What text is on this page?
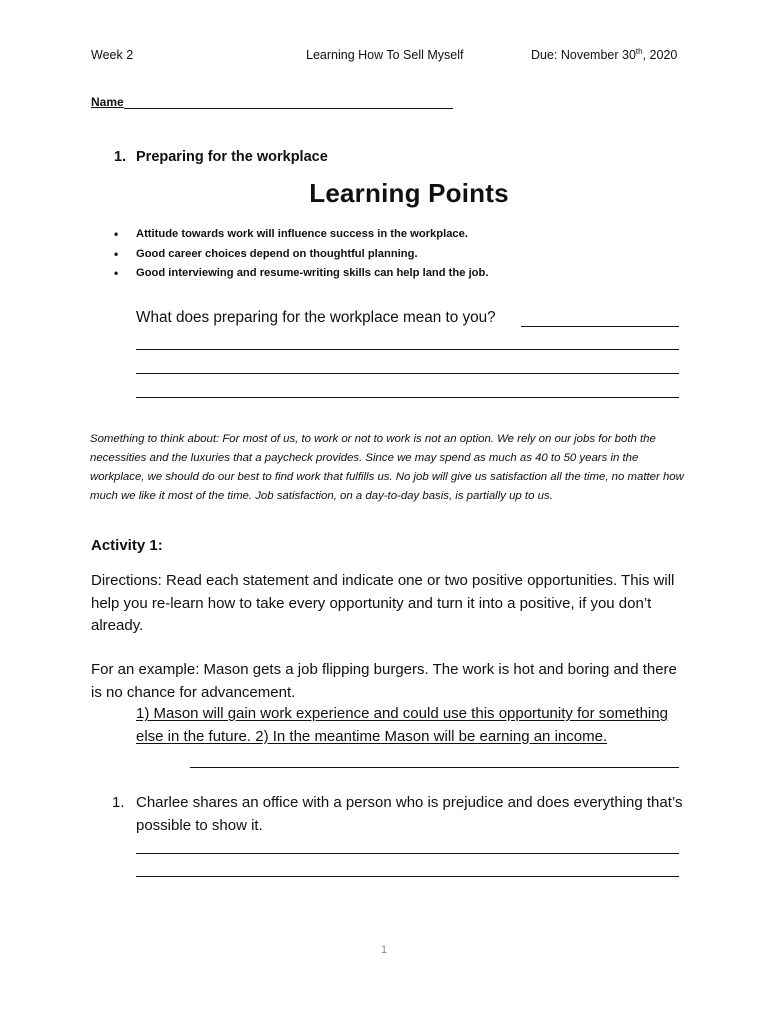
Week 2	Learning How To Sell Myself	Due: November 30th, 2020
Name
1. Preparing for the workplace
Learning Points
• Attitude towards work will influence success in the workplace.
• Good career choices depend on thoughtful planning.
• Good interviewing and resume-writing skills can help land the job.
What does preparing for the workplace mean to you?
Something to think about: For most of us, to work or not to work is not an option. We rely on our jobs for both the necessities and the luxuries that a paycheck provides. Since we may spend as much as 40 to 50 years in the workplace, we should do our best to find work that fulfills us. No job will give us satisfaction all the time, no matter how much we like it most of the time. Job satisfaction, on a day-to-day basis, is partially up to us.
Activity 1:
Directions: Read each statement and indicate one or two positive opportunities. This will help you re-learn how to take every opportunity and turn it into a positive, if you don’t already.
For an example: Mason gets a job flipping burgers. The work is hot and boring and there is no chance for advancement.
1) Mason will gain work experience and could use this opportunity for something else in the future. 2) In the meantime Mason will be earning an income.
1. Charlee shares an office with a person who is prejudice and does everything that’s possible to show it.
1
